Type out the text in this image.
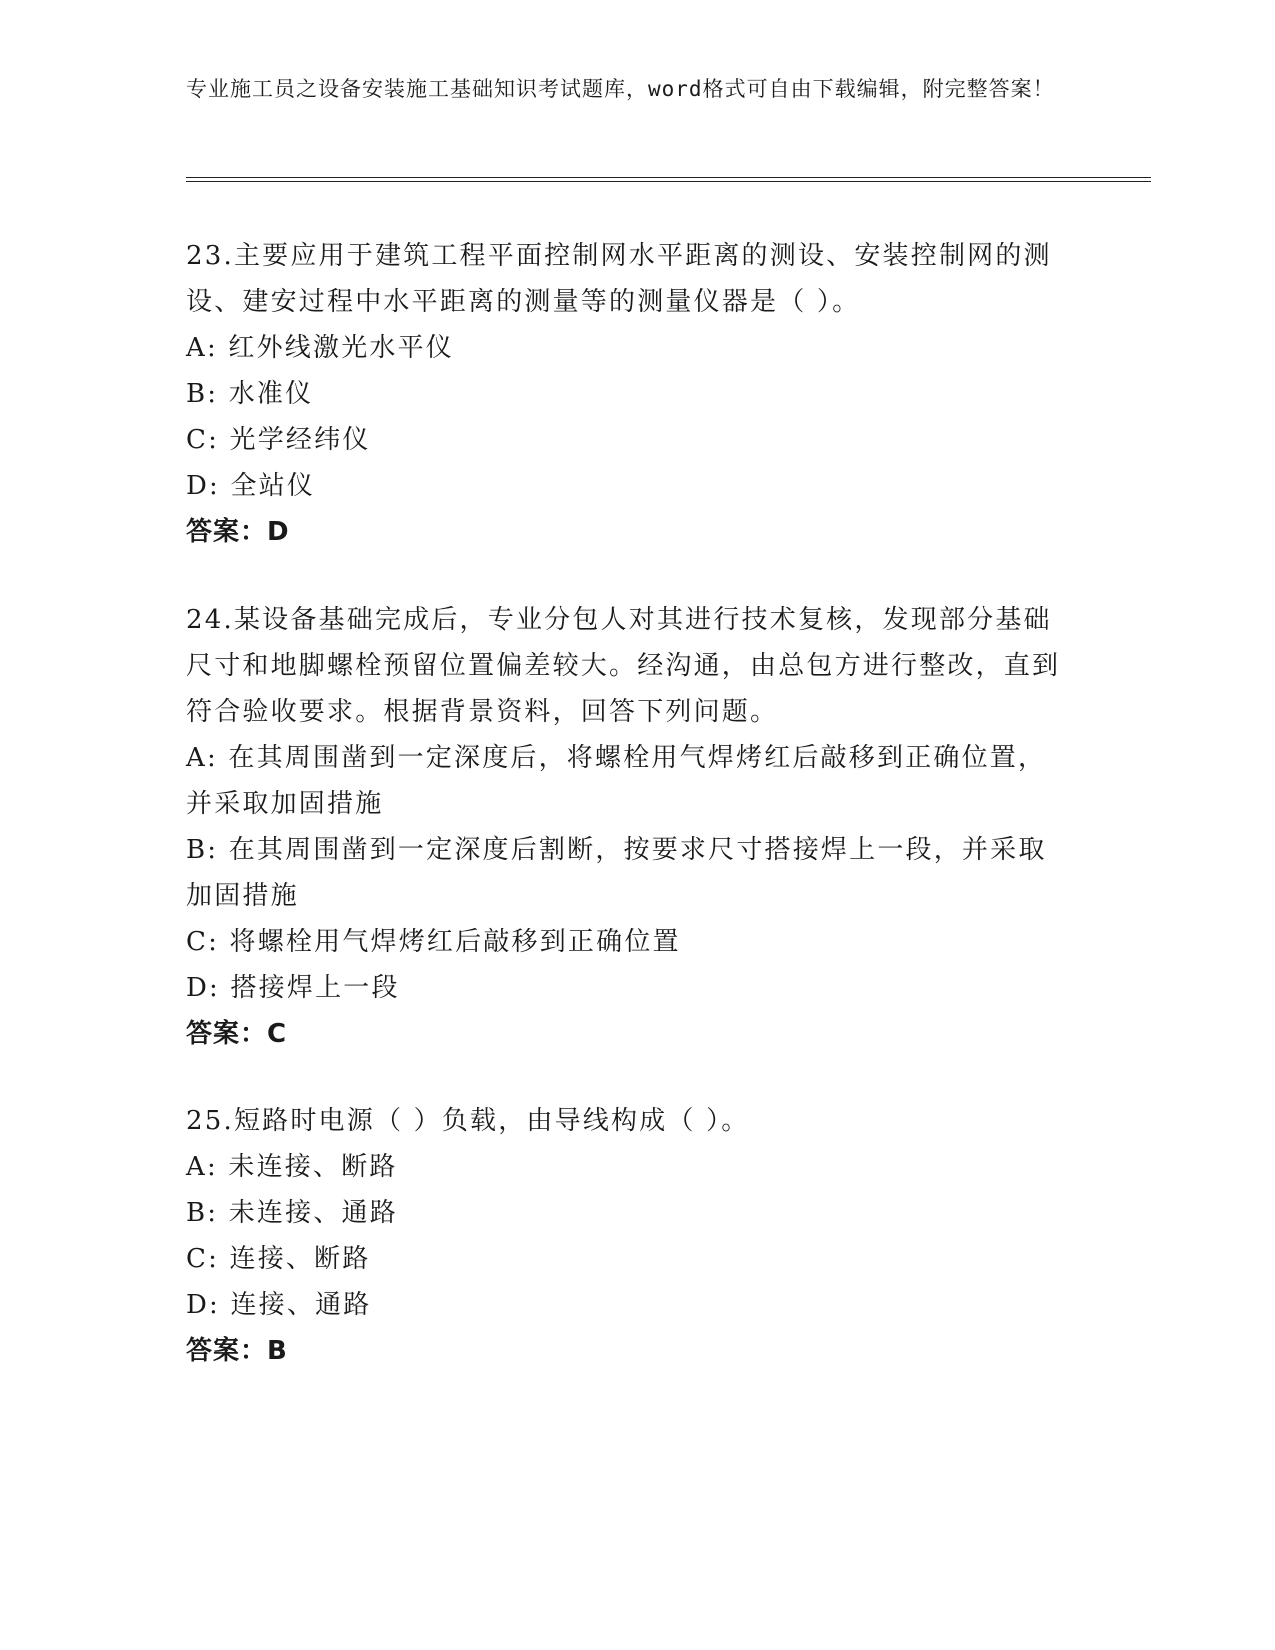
专业施工员之设备安装施工基础知识考试题库，word格式可自由下载编辑，附完整答案！

23.主要应用于建筑工程平面控制网水平距离的测设、安装控制网的测设、建安过程中水平距离的测量等的测量仪器是（ ）。

A: 红外线激光水平仪

B: 水准仪

C: 光学经纬仪

D: 全站仪

答案：D

24.某设备基础完成后，专业分包人对其进行技术复核，发现部分基础尺寸和地脚螺栓预留位置偏差较大。经沟通，由总包方进行整改，直到符合验收要求。根据背景资料，回答下列问题。

A: 在其周围凿到一定深度后，将螺栓用气焊烤红后敲移到正确位置，并采取加固措施

B: 在其周围凿到一定深度后割断，按要求尺寸搭接焊上一段，并采取加固措施

C: 将螺栓用气焊烤红后敲移到正确位置

D: 搭接焊上一段

答案：C

25.短路时电源（ ）负载，由导线构成（ ）。

A: 未连接、断路

B: 未连接、通路

C: 连接、断路

D: 连接、通路

答案：B
